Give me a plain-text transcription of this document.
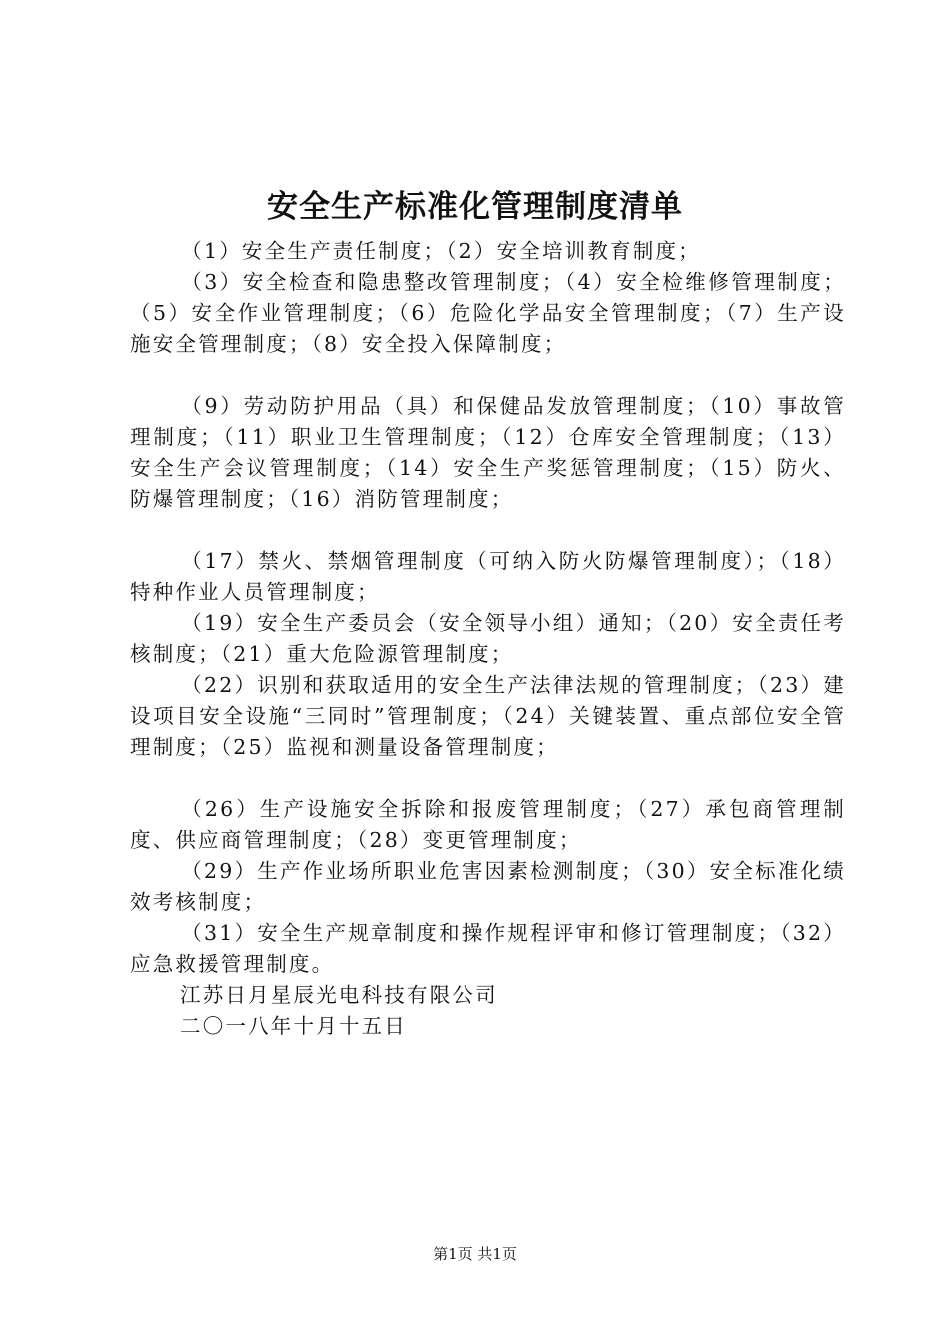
安全生产标准化管理制度清单

（1）安全生产责任制度；（2）安全培训教育制度；

（3）安全检查和隐患整改管理制度；（4）安全检维修管理制度；（5）安全作业管理制度；（6）危险化学品安全管理制度；（7）生产设施安全管理制度；（8）安全投入保障制度；

（9）劳动防护用品（具）和保健品发放管理制度；（10）事故管理制度；（11）职业卫生管理制度；（12）仓库安全管理制度；（13）安全生产会议管理制度；（14）安全生产奖惩管理制度；（15）防火、防爆管理制度；（16）消防管理制度；

（17）禁火、禁烟管理制度（可纳入防火防爆管理制度）；（18）特种作业人员管理制度；

（19）安全生产委员会（安全领导小组）通知；（20）安全责任考核制度；（21）重大危险源管理制度；

（22）识别和获取适用的安全生产法律法规的管理制度；（23）建设项目安全设施“三同时”管理制度；（24）关键装置、重点部位安全管理制度；（25）监视和测量设备管理制度；

（26）生产设施安全拆除和报废管理制度；（27）承包商管理制度、供应商管理制度；（28）变更管理制度；

（29）生产作业场所职业危害因素检测制度；（30）安全标准化绩效考核制度；

（31）安全生产规章制度和操作规程评审和修订管理制度；（32）应急救援管理制度。

江苏日月星辰光电科技有限公司

二〇一八年十月十五日

第1页 共1页
